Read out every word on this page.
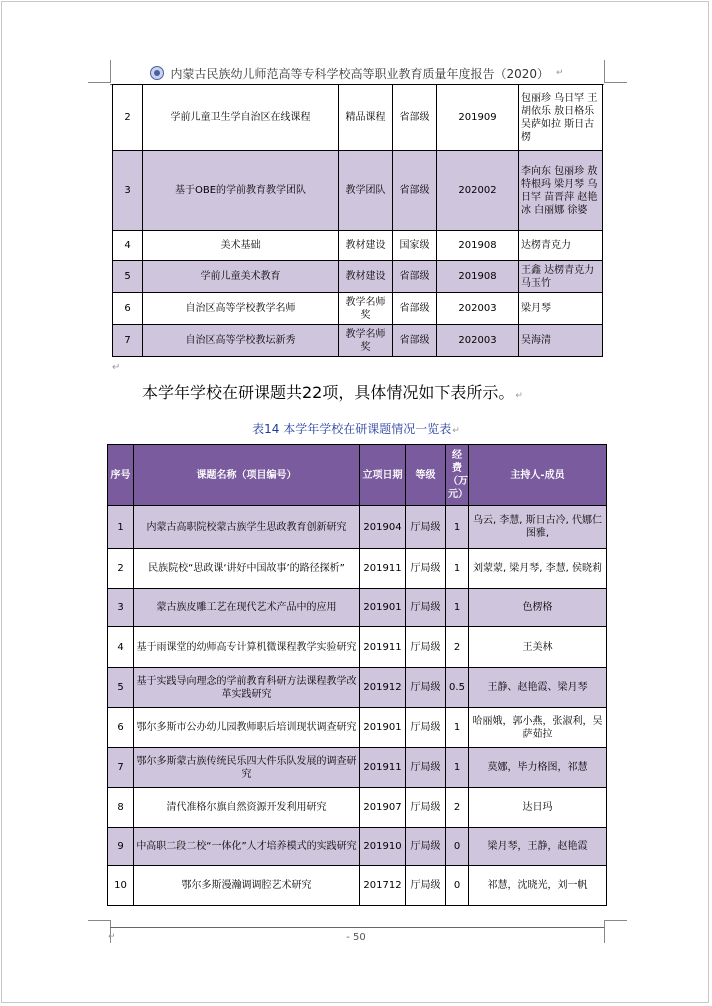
内蒙古民族幼儿师范高等专科学校高等职业教育质量年度报告（2020） ↵
2	学前儿童卫生学自治区在线课程	精品课程	省部级	201909	包丽珍 乌日罕 王胡依乐 敖日格乐 吴萨如拉 斯日古楞
3	基于OBE的学前教育教学团队	教学团队	省部级	202002	李向东 包丽珍 敖特根玛 梁月琴 乌日罕 苗晋萍 赵艳冰 白丽娜 徐婆
4	美术基础	教材建设	国家级	201908	达楞青克力
5	学前儿童美术教育	教材建设	省部级	201908	王鑫 达楞青克力 马玉竹
6	自治区高等学校教学名师	教学名师奖	省部级	202003	梁月琴
7	自治区高等学校教坛新秀	教学名师奖	省部级	202003	吴海清
↵
本学年学校在研课题共22项，具体情况如下表所示。↵
表14 本学年学校在研课题情况一览表↵
序号	课题名称（项目编号）	立项日期	等级	经费（万元）	主持人-成员
1	内蒙古高职院校蒙古族学生思政教育创新研究	201904	厅局级	1	乌云, 李慧, 斯日古冷, 代娜仁图雅,
2	民族院校“思政课‘讲好中国故事’的路径探析”	201911	厅局级	1	刘蒙蒙, 梁月琴, 李慧, 侯晓莉
3	蒙古族皮雕工艺在现代艺术产品中的应用	201901	厅局级	1	色楞格
4	基于雨课堂的幼师高专计算机微课程教学实验研究	201911	厅局级	2	王美林
5	基于实践导向理念的学前教育科研方法课程教学改革实践研究	201912	厅局级	0.5	王静、赵艳霞、梁月琴
6	鄂尔多斯市公办幼儿园教师职后培训现状调查研究	201901	厅局级	1	哈丽娥，郭小燕，张淑利，吴萨茹拉
7	鄂尔多斯蒙古族传统民乐四大件乐队发展的调查研究	201911	厅局级	1	莫娜，毕力格图，祁慧
8	清代准格尔旗自然资源开发利用研究	201907	厅局级	2	达日玛
9	中高职二段二校“一体化”人才培养模式的实践研究	201910	厅局级	0	梁月琴，王静，赵艳霞
10	鄂尔多斯漫瀚调调腔艺术研究	201712	厅局级	0	祁慧，沈晓光，刘一帆
↵	- 50
